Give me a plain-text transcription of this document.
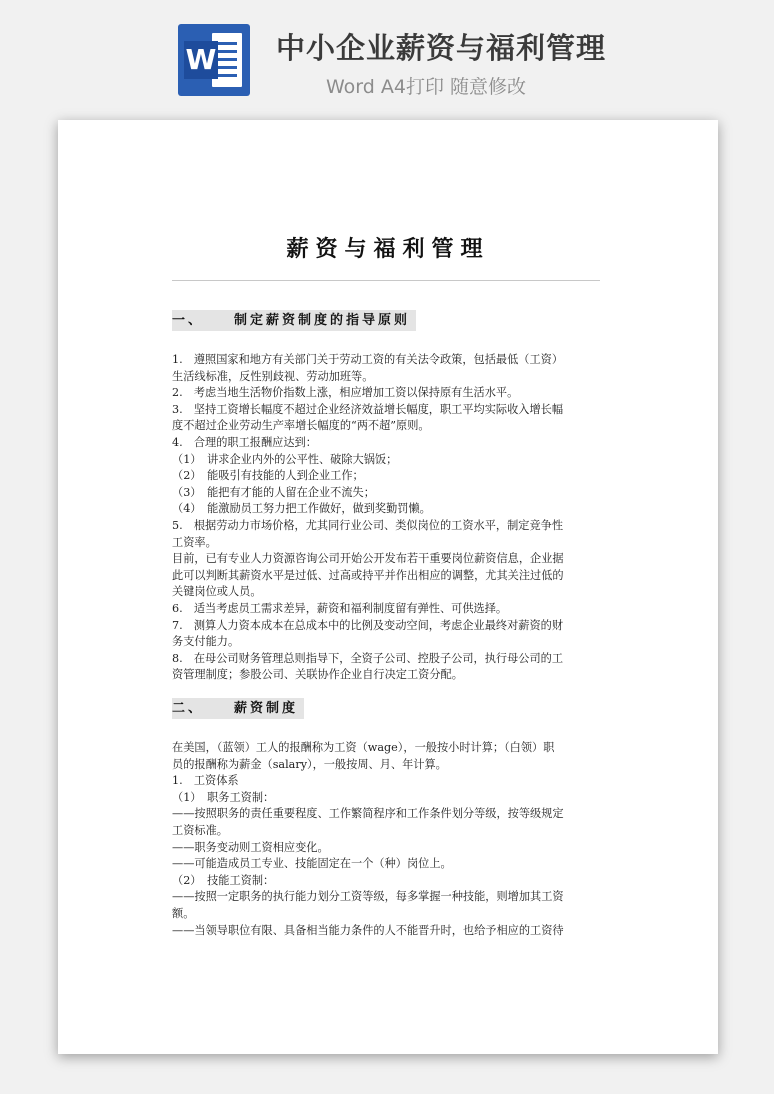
W 中小企业薪资与福利管理
Word A4打印 随意修改
薪资与福利管理
一、 制定薪资制度的指导原则

1.　遵照国家和地方有关部门关于劳动工资的有关法令政策，包括最低（工资）

生活线标准，反性别歧视、劳动加班等。

2.　考虑当地生活物价指数上涨，相应增加工资以保持原有生活水平。

3.　坚持工资增长幅度不超过企业经济效益增长幅度，职工平均实际收入增长幅

度不超过企业劳动生产率增长幅度的“两不超”原则。

4.　合理的职工报酬应达到：

（1）　讲求企业内外的公平性、破除大锅饭；

（2）　能吸引有技能的人到企业工作；

（3）　能把有才能的人留在企业不流失；

（4）　能激励员工努力把工作做好，做到奖勤罚懒。

5.　根据劳动力市场价格，尤其同行业公司、类似岗位的工资水平，制定竞争性

工资率。

目前，已有专业人力资源咨询公司开始公开发布若干重要岗位薪资信息，企业据

此可以判断其薪资水平是过低、过高或持平并作出相应的调整，尤其关注过低的

关键岗位或人员。

6.　适当考虑员工需求差异，薪资和福利制度留有弹性、可供选择。

7.　测算人力资本成本在总成本中的比例及变动空间，考虑企业最终对薪资的财

务支付能力。

8.　在母公司财务管理总则指导下，全资子公司、控股子公司，执行母公司的工

资管理制度；参股公司、关联协作企业自行决定工资分配。

二、 薪资制度

在美国，（蓝领）工人的报酬称为工资（wage），一般按小时计算；（白领）职

员的报酬称为薪金（salary），一般按周、月、年计算。

1.　工资体系

（1）　职务工资制：

——按照职务的责任重要程度、工作繁简程序和工作条件划分等级，按等级规定

工资标准。

——职务变动则工资相应变化。

——可能造成员工专业、技能固定在一个（种）岗位上。

（2）　技能工资制：

——按照一定职务的执行能力划分工资等级，每多掌握一种技能，则增加其工资

额。

——当领导职位有限、具备相当能力条件的人不能晋升时，也给予相应的工资待
